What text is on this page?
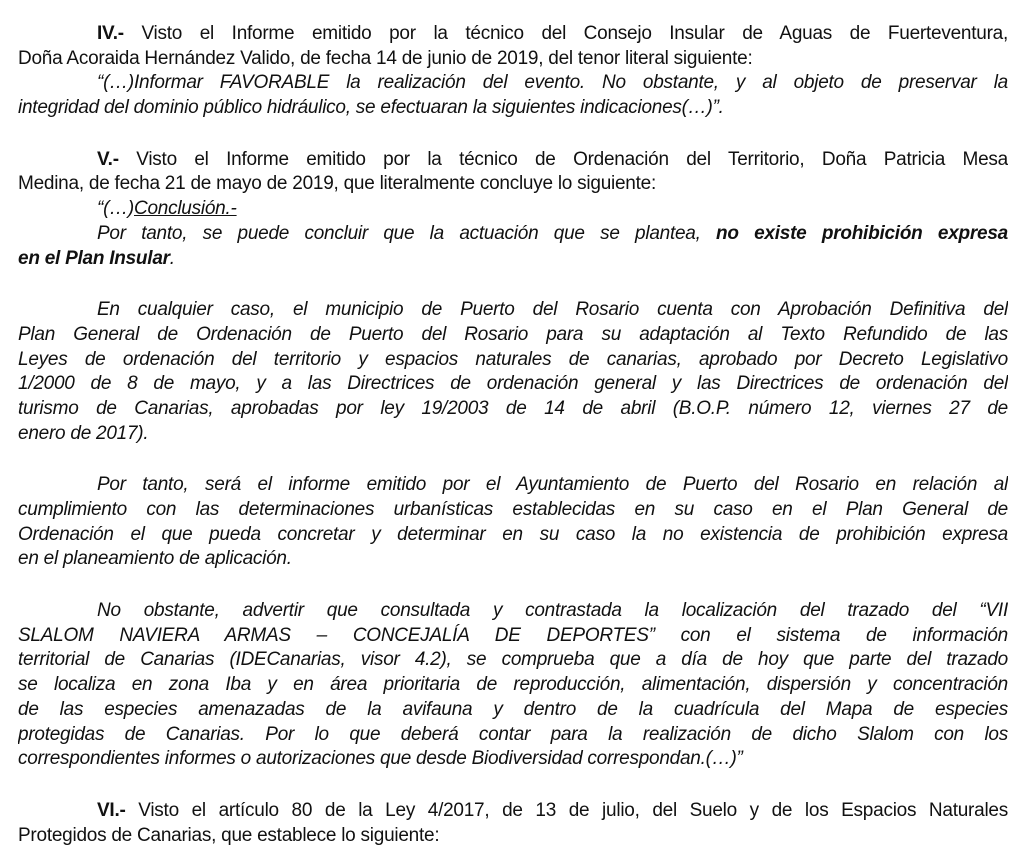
IV.- Visto el Informe emitido por la técnico del Consejo Insular de Aguas de Fuerteventura,
Doña Acoraida Hernández Valido, de fecha 14 de junio de 2019, del tenor literal siguiente:
“(…)Informar FAVORABLE la realización del evento. No obstante, y al objeto de preservar la
integridad del dominio público hidráulico, se efectuaran la siguientes indicaciones(…)”.
V.- Visto el Informe emitido por la técnico de Ordenación del Territorio, Doña Patricia Mesa
Medina, de fecha 21 de mayo de 2019, que literalmente concluye lo siguiente:
“(…)Conclusión.-
Por tanto, se puede concluir que la actuación que se plantea, no existe prohibición expresa
en el Plan Insular.
En cualquier caso, el municipio de Puerto del Rosario cuenta con Aprobación Definitiva del
Plan General de Ordenación de Puerto del Rosario para su adaptación al Texto Refundido de las
Leyes de ordenación del territorio y espacios naturales de canarias, aprobado por Decreto Legislativo
1/2000 de 8 de mayo, y a las Directrices de ordenación general y las Directrices de ordenación del
turismo de Canarias, aprobadas por ley 19/2003 de 14 de abril (B.O.P. número 12, viernes 27 de
enero de 2017).
Por tanto, será el informe emitido por el Ayuntamiento de Puerto del Rosario en relación al
cumplimiento con las determinaciones urbanísticas establecidas en su caso en el Plan General de
Ordenación el que pueda concretar y determinar en su caso la no existencia de prohibición expresa
en el planeamiento de aplicación.
No obstante, advertir que consultada y contrastada la localización del trazado del “VII
SLALOM NAVIERA ARMAS – CONCEJALÍA DE DEPORTES” con el sistema de información
territorial de Canarias (IDECanarias, visor 4.2), se comprueba que a día de hoy que parte del trazado
se localiza en zona Iba y en área prioritaria de reproducción, alimentación, dispersión y concentración
de las especies amenazadas de la avifauna y dentro de la cuadrícula del Mapa de especies
protegidas de Canarias. Por lo que deberá contar para la realización de dicho Slalom con los
correspondientes informes o autorizaciones que desde Biodiversidad correspondan.(…)”
VI.- Visto el artículo 80 de la Ley 4/2017, de 13 de julio, del Suelo y de los Espacios Naturales
Protegidos de Canarias, que establece lo siguiente:
